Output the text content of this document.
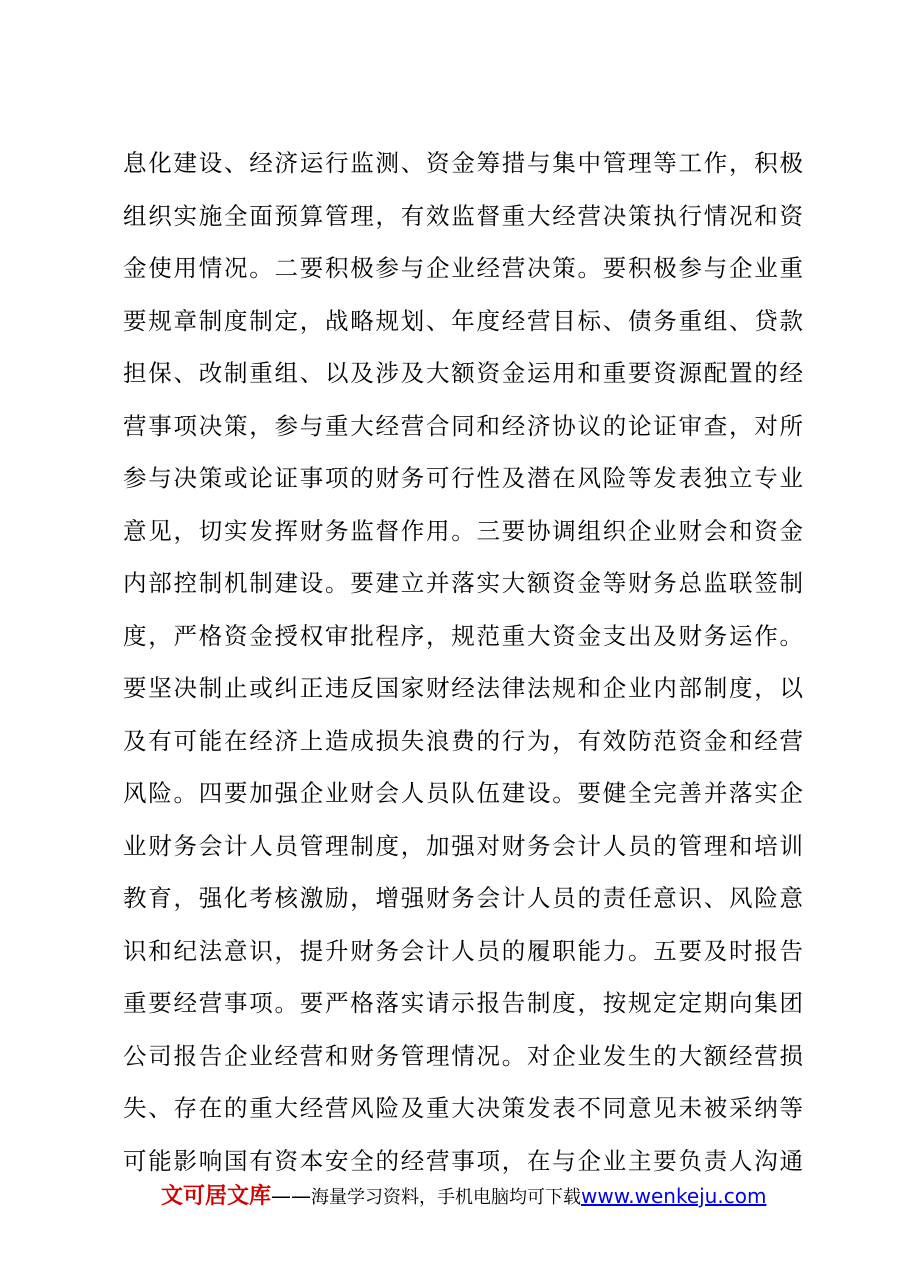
息化建设、经济运行监测、资金筹措与集中管理等工作，积极
组织实施全面预算管理，有效监督重大经营决策执行情况和资
金使用情况。二要积极参与企业经营决策。要积极参与企业重
要规章制度制定，战略规划、年度经营目标、债务重组、贷款
担保、改制重组、以及涉及大额资金运用和重要资源配置的经
营事项决策，参与重大经营合同和经济协议的论证审查，对所
参与决策或论证事项的财务可行性及潜在风险等发表独立专业
意见，切实发挥财务监督作用。三要协调组织企业财会和资金
内部控制机制建设。要建立并落实大额资金等财务总监联签制
度，严格资金授权审批程序，规范重大资金支出及财务运作。
要坚决制止或纠正违反国家财经法律法规和企业内部制度，以
及有可能在经济上造成损失浪费的行为，有效防范资金和经营
风险。四要加强企业财会人员队伍建设。要健全完善并落实企
业财务会计人员管理制度，加强对财务会计人员的管理和培训
教育，强化考核激励，增强财务会计人员的责任意识、风险意
识和纪法意识，提升财务会计人员的履职能力。五要及时报告
重要经营事项。要严格落实请示报告制度，按规定定期向集团
公司报告企业经营和财务管理情况。对企业发生的大额经营损
失、存在的重大经营风险及重大决策发表不同意见未被采纳等
可能影响国有资本安全的经营事项，在与企业主要负责人沟通
文可居文库——海量学习资料，手机电脑均可下载www.wenkeju.com
